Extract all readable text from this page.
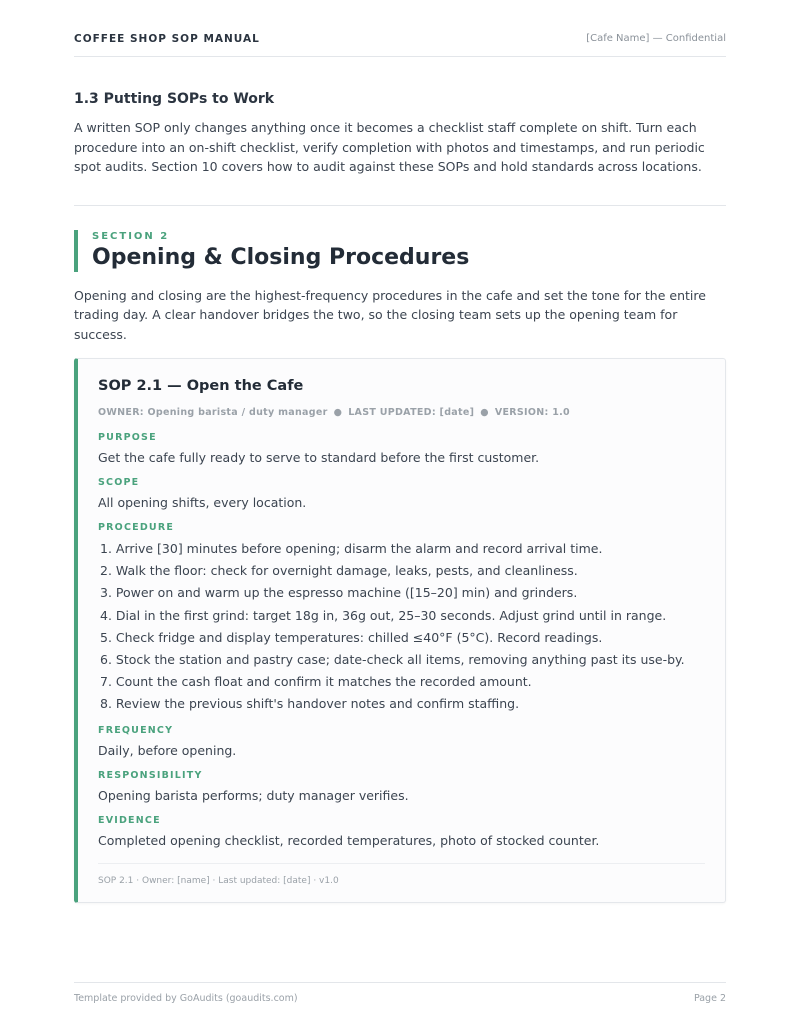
COFFEE SHOP SOP MANUAL	[Cafe Name] — Confidential
1.3 Putting SOPs to Work

A written SOP only changes anything once it becomes a checklist staff complete on shift. Turn each procedure into an on-shift checklist, verify completion with photos and timestamps, and run periodic spot audits. Section 10 covers how to audit against these SOPs and hold standards across locations.

SECTION 2
Opening & Closing Procedures

Opening and closing are the highest-frequency procedures in the cafe and set the tone for the entire trading day. A clear handover bridges the two, so the closing team sets up the opening team for success.

SOP 2.1 — Open the Cafe
OWNER: Opening barista / duty manager ● LAST UPDATED: [date] ● VERSION: 1.0
PURPOSE
Get the cafe fully ready to serve to standard before the first customer.
SCOPE
All opening shifts, every location.
PROCEDURE
1. Arrive [30] minutes before opening; disarm the alarm and record arrival time.
2. Walk the floor: check for overnight damage, leaks, pests, and cleanliness.
3. Power on and warm up the espresso machine ([15–20] min) and grinders.
4. Dial in the first grind: target 18g in, 36g out, 25–30 seconds. Adjust grind until in range.
5. Check fridge and display temperatures: chilled ≤40°F (5°C). Record readings.
6. Stock the station and pastry case; date-check all items, removing anything past its use-by.
7. Count the cash float and confirm it matches the recorded amount.
8. Review the previous shift's handover notes and confirm staffing.
FREQUENCY
Daily, before opening.
RESPONSIBILITY
Opening barista performs; duty manager verifies.
EVIDENCE
Completed opening checklist, recorded temperatures, photo of stocked counter.
SOP 2.1 · Owner: [name] · Last updated: [date] · v1.0
Template provided by GoAudits (goaudits.com)	Page 2
